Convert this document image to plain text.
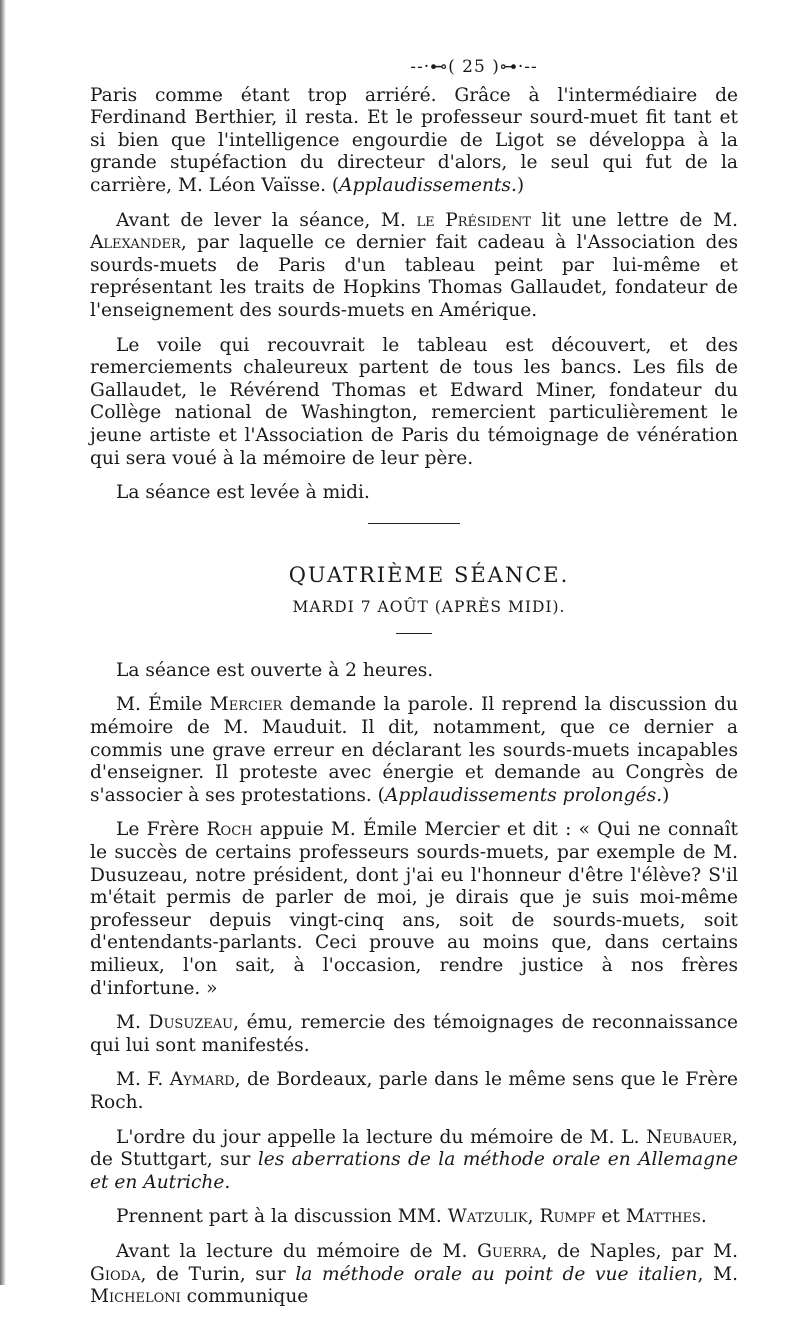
--·⊷( 25 )⊶·--

Paris comme étant trop arriéré. Grâce à l'intermédiaire de Ferdinand Berthier, il resta. Et le professeur sourd-muet fit tant et si bien que l'intelligence engourdie de Ligot se développa à la grande stupéfaction du directeur d'alors, le seul qui fut de la carrière, M. Léon Vaïsse. (Applaudissements.)

Avant de lever la séance, M. le Président lit une lettre de M. Alexander, par laquelle ce dernier fait cadeau à l'Association des sourds-muets de Paris d'un tableau peint par lui-même et représentant les traits de Hopkins Thomas Gallaudet, fondateur de l'enseignement des sourds-muets en Amérique.

Le voile qui recouvrait le tableau est découvert, et des remerciements chaleureux partent de tous les bancs. Les fils de Gallaudet, le Révérend Thomas et Edward Miner, fondateur du Collège national de Washington, remercient particulièrement le jeune artiste et l'Association de Paris du témoignage de vénération qui sera voué à la mémoire de leur père.

La séance est levée à midi.

QUATRIÈME SÉANCE.
MARDI 7 AOÛT (APRÈS MIDI).

La séance est ouverte à 2 heures.

M. Émile Mercier demande la parole. Il reprend la discussion du mémoire de M. Mauduit. Il dit, notamment, que ce dernier a commis une grave erreur en déclarant les sourds-muets incapables d'enseigner. Il proteste avec énergie et demande au Congrès de s'associer à ses protestations. (Applaudissements prolongés.)

Le Frère Roch appuie M. Émile Mercier et dit : « Qui ne connaît le succès de certains professeurs sourds-muets, par exemple de M. Dusuzeau, notre président, dont j'ai eu l'honneur d'être l'élève? S'il m'était permis de parler de moi, je dirais que je suis moi-même professeur depuis vingt-cinq ans, soit de sourds-muets, soit d'entendants-parlants. Ceci prouve au moins que, dans certains milieux, l'on sait, à l'occasion, rendre justice à nos frères d'infortune. »

M. Dusuzeau, ému, remercie des témoignages de reconnaissance qui lui sont manifestés.

M. F. Aymard, de Bordeaux, parle dans le même sens que le Frère Roch.

L'ordre du jour appelle la lecture du mémoire de M. L. Neubauer, de Stuttgart, sur les aberrations de la méthode orale en Allemagne et en Autriche.

Prennent part à la discussion MM. Watzulik, Rumpf et Matthes.

Avant la lecture du mémoire de M. Guerra, de Naples, par M. Gioda, de Turin, sur la méthode orale au point de vue italien, M. Micheloni communique
